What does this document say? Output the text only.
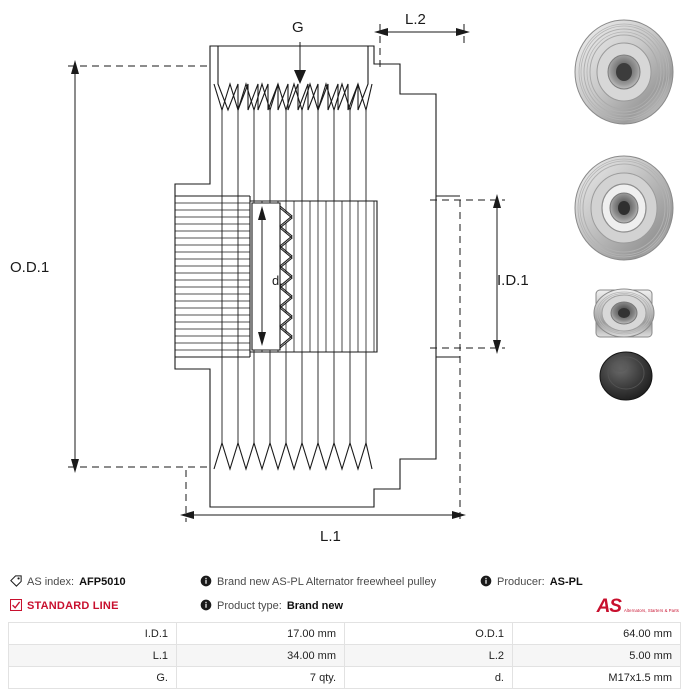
O.D.1
I.D.1
L.1
L.2
G
d.
AS index: AFP5010	Brand new AS-PL Alternator freewheel pulley	Producer: AS-PL
STANDARD LINE	Product type: Brand new	AS Alternators, Starters & Parts
I.D.1	17.00 mm	O.D.1	64.00 mm
L.1	34.00 mm	L.2	5.00 mm
G.	7 qty.	d.	M17x1.5 mm
